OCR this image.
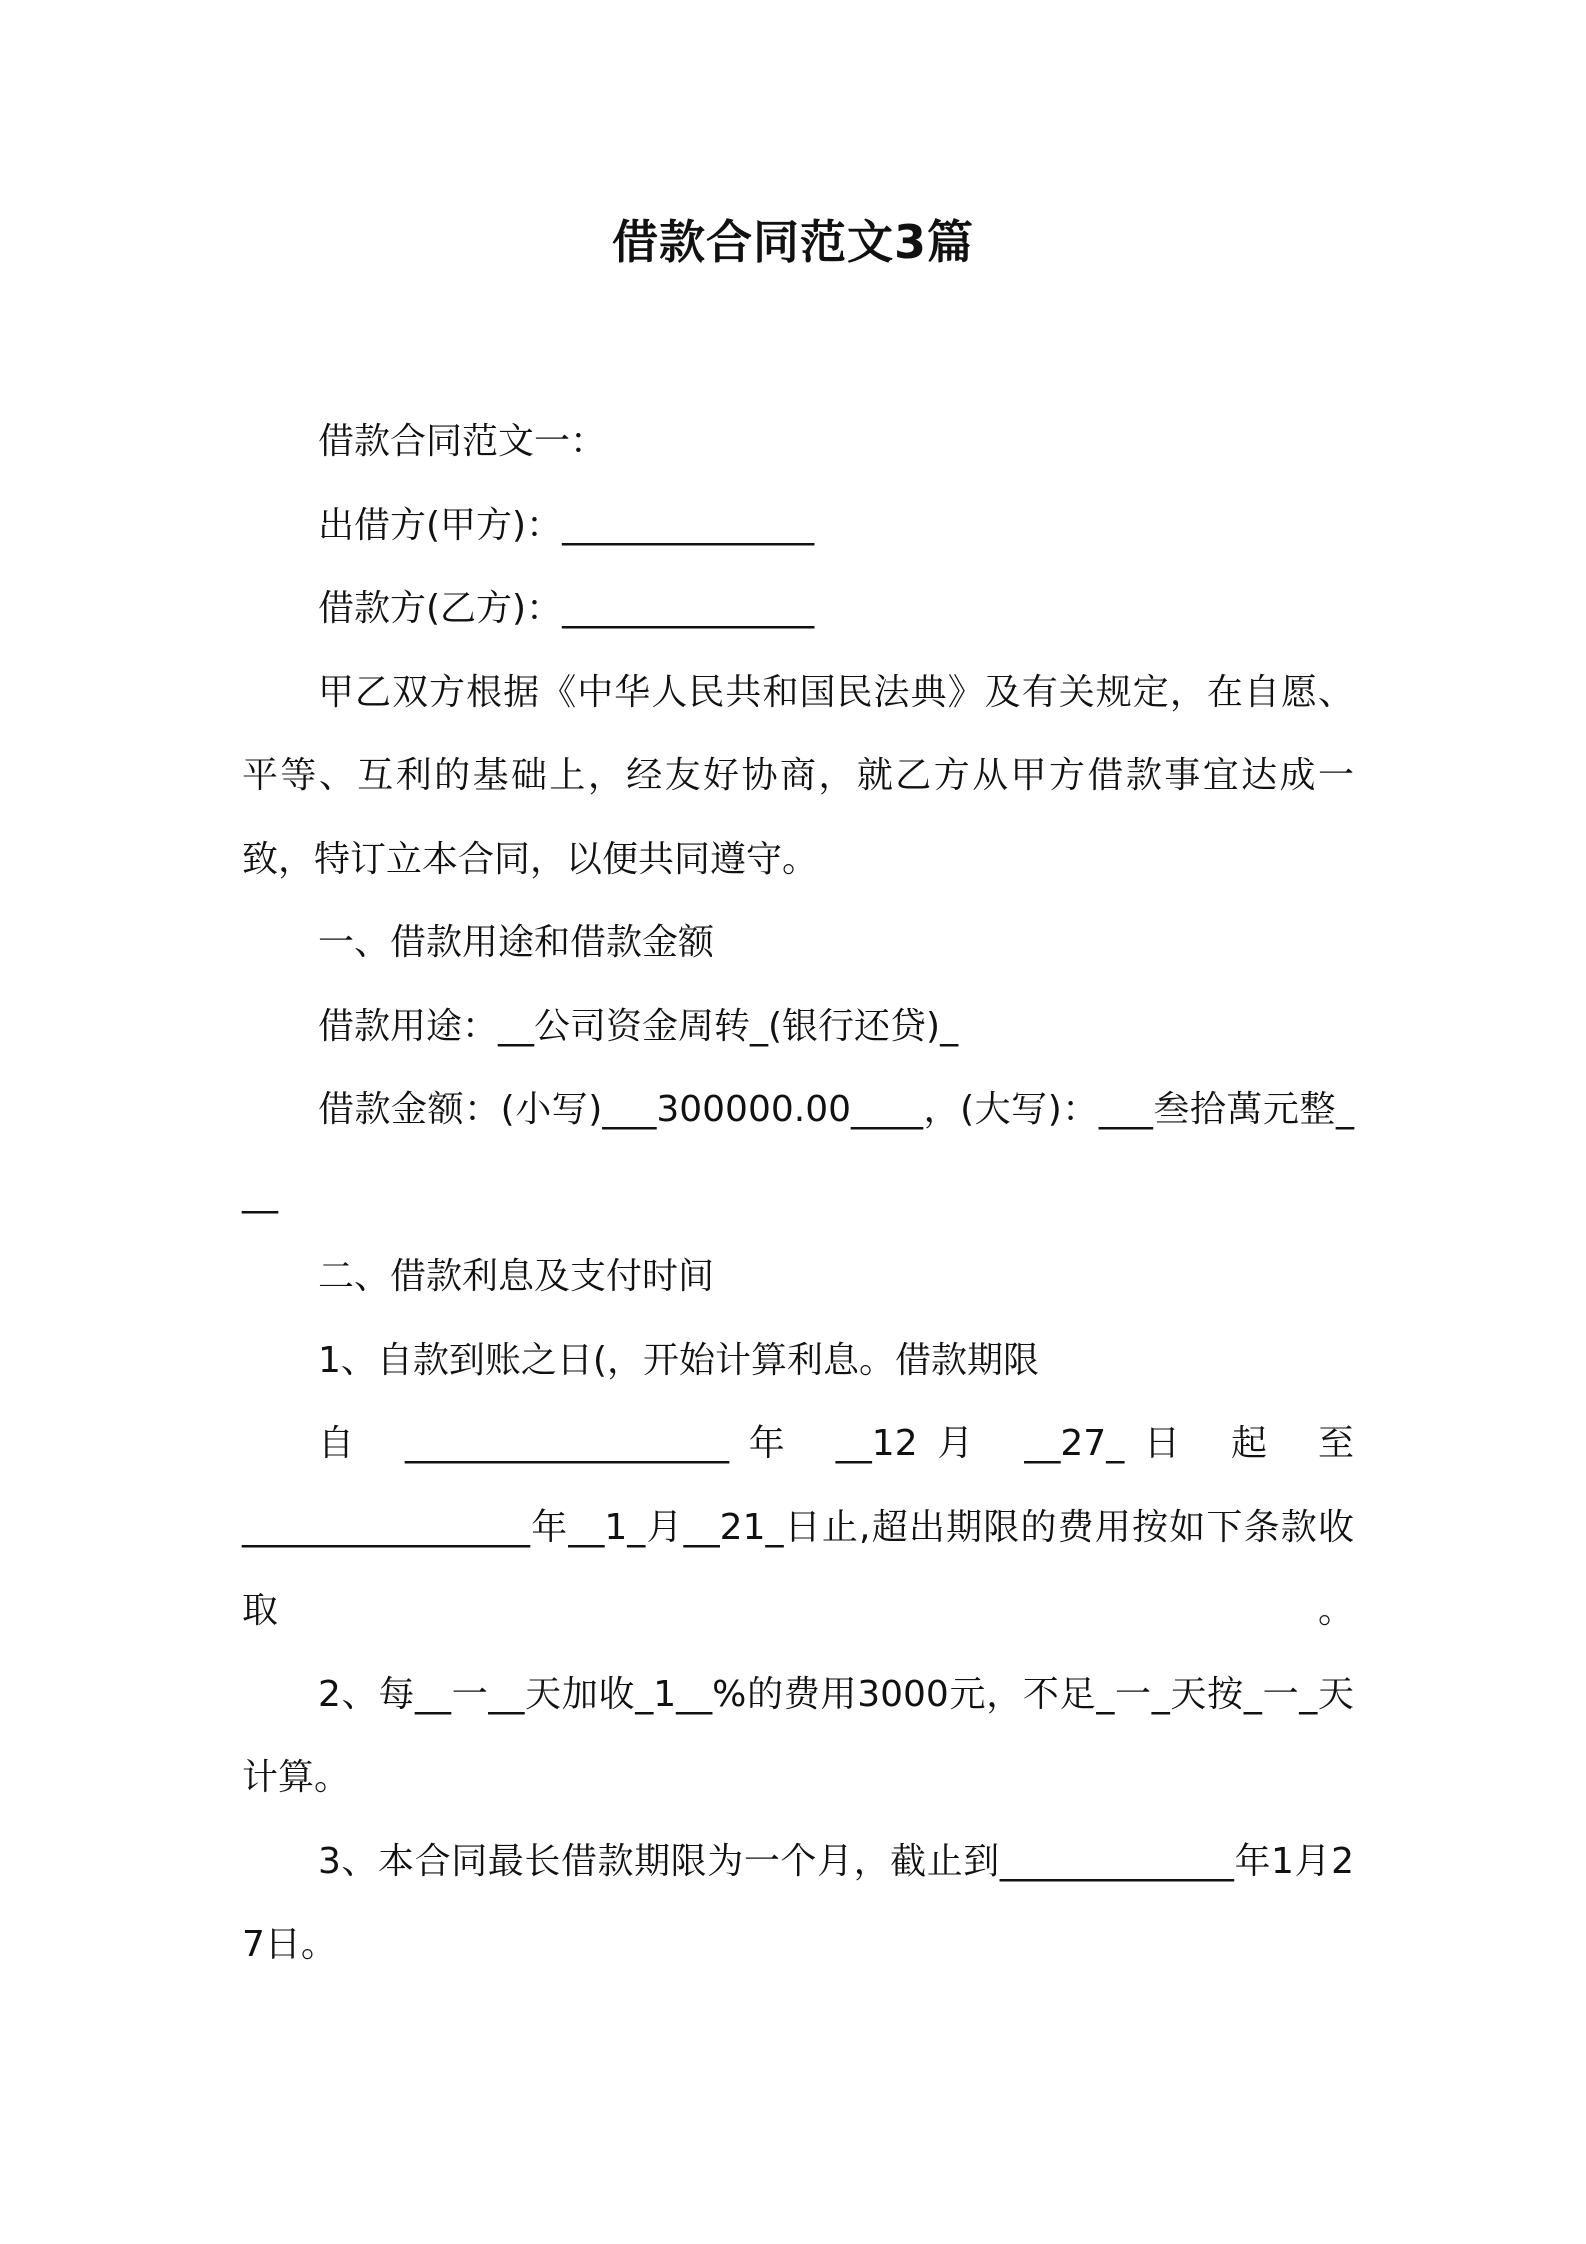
借款合同范文3篇

借款合同范文一：

出借方(甲方)：______________

借款方(乙方)：______________

甲乙双方根据《中华人民共和国民法典》及有关规定，在自愿、平等、互利的基础上，经友好协商，就乙方从甲方借款事宜达成一致，特订立本合同，以便共同遵守。

一、借款用途和借款金额

借款用途：__公司资金周转_(银行还贷)_

借款金额：(小写)___300000.00____，(大写)：___叁拾萬元整___

二、借款利息及支付时间

1、自款到账之日(，开始计算利息。借款期限

自 __________________年 __12月 __27_日 起 至 ________________年__1_月__21_日止,超出期限的费用按如下条款收取。

2、每__一__天加收_1__%的费用3000元，不足_一_天按_一_天计算。

3、本合同最长借款期限为一个月，截止到_____________年1月27日。
